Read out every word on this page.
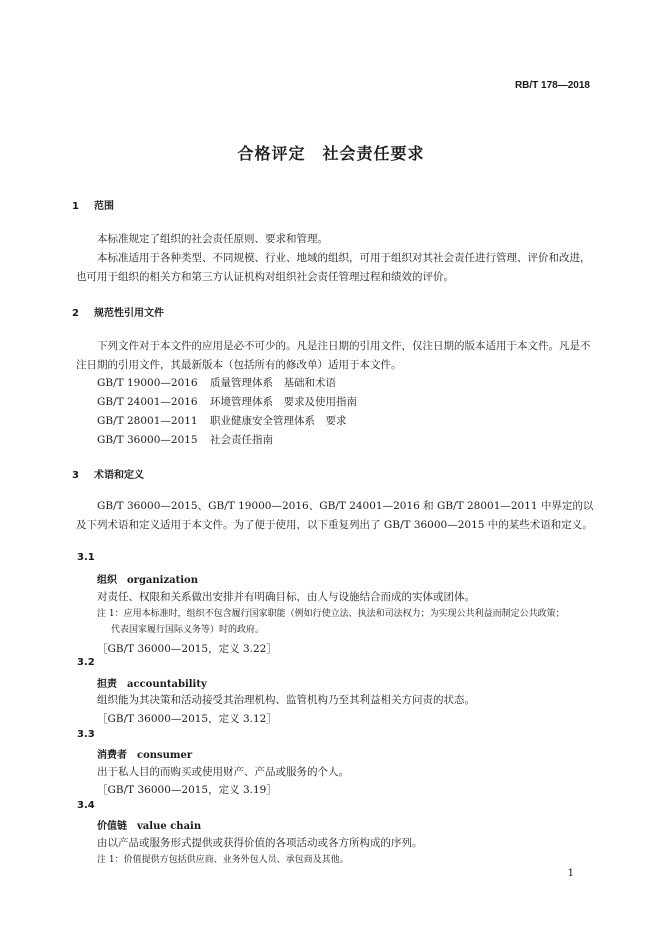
RB/T 178—2018
合格评定　社会责任要求
1 范围
本标准规定了组织的社会责任原则、要求和管理。
本标准适用于各种类型、不同规模、行业、地域的组织，可用于组织对其社会责任进行管理、评价和改进，也可用于组织的相关方和第三方认证机构对组织社会责任管理过程和绩效的评价。
2 规范性引用文件
下列文件对于本文件的应用是必不可少的。凡是注日期的引用文件，仅注日期的版本适用于本文件。凡是不注日期的引用文件，其最新版本（包括所有的修改单）适用于本文件。
GB/T 19000—2016 质量管理体系　基础和术语
GB/T 24001—2016 环境管理体系　要求及使用指南
GB/T 28001—2011 职业健康安全管理体系　要求
GB/T 36000—2015 社会责任指南
3 术语和定义
GB/T 36000—2015、GB/T 19000—2016、GB/T 24001—2016 和 GB/T 28001—2011 中界定的以及下列术语和定义适用于本文件。为了便于使用，以下重复列出了 GB/T 36000—2015 中的某些术语和定义。
3.1
组织 organization
对责任、权限和关系做出安排并有明确目标，由人与设施结合而成的实体或团体。
注 1：应用本标准时，组织不包含履行国家职能（例如行使立法、执法和司法权力；为实现公共利益而制定公共政策；
代表国家履行国际义务等）时的政府。
［GB/T 36000—2015，定义 3.22］
3.2
担责 accountability
组织能为其决策和活动接受其治理机构、监管机构乃至其利益相关方问责的状态。
［GB/T 36000—2015，定义 3.12］
3.3
消费者 consumer
出于私人目的而购买或使用财产、产品或服务的个人。
［GB/T 36000—2015，定义 3.19］
3.4
价值链 value chain
由以产品或服务形式提供或获得价值的各项活动或各方所构成的序列。
注 1：价值提供方包括供应商、业务外包人员、承包商及其他。
1
